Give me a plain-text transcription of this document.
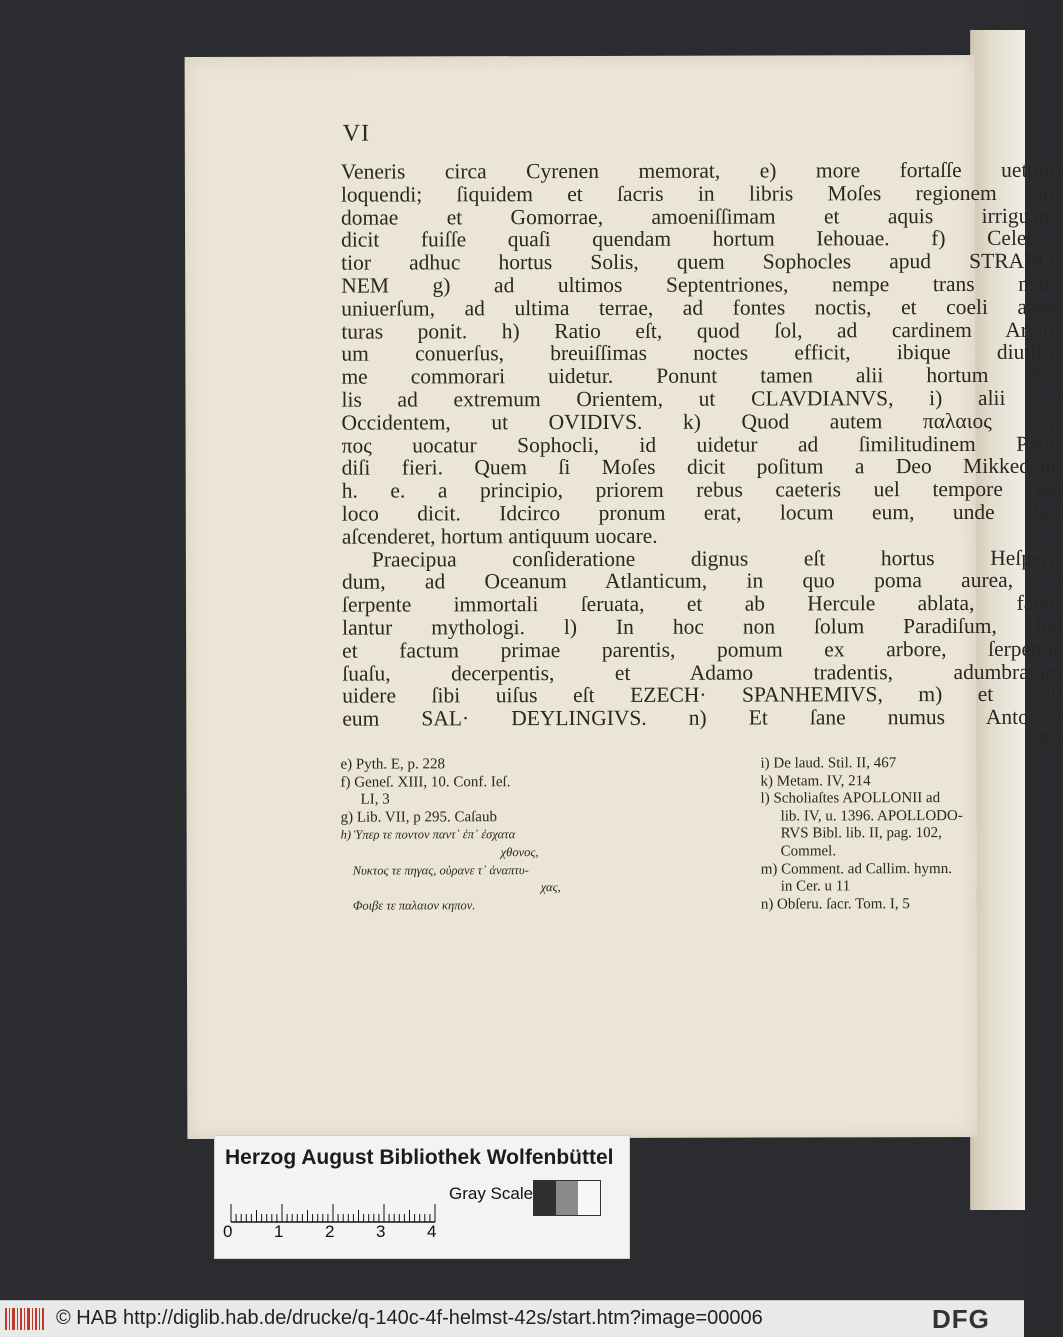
VI
Veneris circa Cyrenen memorat, e) more fortaſſe uetuſto
loquendi; ſiquidem et ſacris in libris Moſes regionem So-
domae et Gomorrae, amoeniſſimam et aquis irriguam,
dicit fuiſſe quaſi quendam hortum Iehouae. f) Celebra-
tior adhuc hortus Solis, quem Sophocles apud STRABO-
NEM g) ad ultimos Septentriones, nempe trans mare
uniuerſum, ad ultima terrae, ad fontes noctis, et coeli aper-
turas ponit. h) Ratio eſt, quod ſol, ad cardinem Arcto-
um conuerſus, breuiſſimas noctes efficit, ibique diutiſſi-
me commorari uidetur. Ponunt tamen alii hortum So-
lis ad extremum Orientem, ut CLAVDIANVS, i) alii ad
Occidentem, ut OVIDIVS. k) Quod autem παλαιος κη-
πος uocatur Sophocli, id uidetur ad ſimilitudinem Para-
diſi fieri. Quem ſi Moſes dicit poſitum a Deo Mikkedem,
h. e. a principio, priorem rebus caeteris uel tempore uel
loco dicit. Idcirco pronum erat, locum eum, unde Sol
aſcenderet, hortum antiquum uocare.
Praecipua conſideratione dignus eſt hortus Heſperi-
dum, ad Oceanum Atlanticum, in quo poma aurea, a
ſerpente immortali ſeruata, et ab Hercule ablata, fabu-
lantur mythologi. l) In hoc non ſolum Paradiſum, ſed
et factum primae parentis, pomum ex arbore, ſerpentis
ſuaſu, decerpentis, et Adamo tradentis, adumbratum
uidere ſibi uiſus eſt EZECH· SPANHEMIVS, m) et poſt
eum SAL· DEYLINGIVS. n) Et ſane numus Antonini
Pii
e) Pyth. E, p. 228
f) Geneſ. XIII, 10. Conf. Ieſ.
LI, 3
g) Lib. VII, p 295. Caſaub
h) Ὑπερ τε ποντον παντ᾽ ἐπ᾽ ἐσχατα
χθονος,
Νυκτος τε πηγας, οὐρανε τ᾽ ἀναπτυ-
χας,
Φοιβε τε παλαιον κηπον.
i) De laud. Stil. II, 467
k) Metam. IV, 214
l) Scholiaſtes APOLLONII ad
lib. IV, u. 1396. APOLLODO-
RVS Bibl. lib. II, pag. 102,
Commel.
m) Comment. ad Callim. hymn.
in Cer. u 11
n) Obſeru. ſacr. Tom. I, 5
Herzog August Bibliothek Wolfenbüttel
0 1 2 3 4
Gray Scale
© HAB http://diglib.hab.de/drucke/q-140c-4f-helmst-42s/start.htm?image=00006	DFG
